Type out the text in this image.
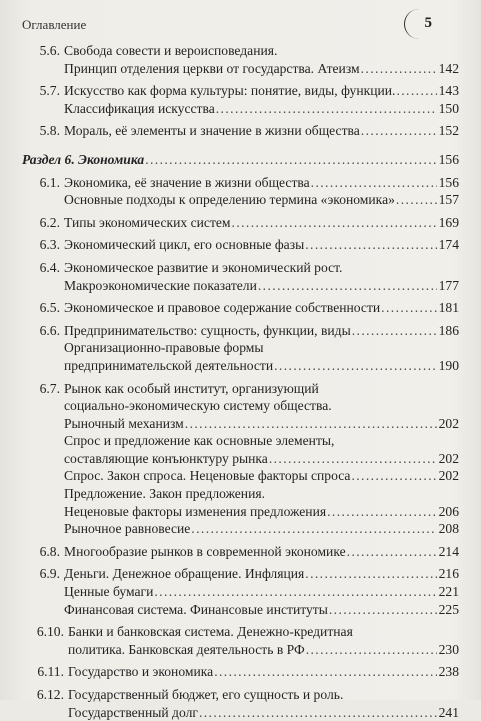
Оглавление	5
5.6. Свобода совести и вероисповедания.
Принцип отделения церкви от государства. Атеизм . . .	142
5.7. Искусство как форма культуры: понятие, виды, функции. . . .	143
Классификация искусства . . .	150
5.8. Мораль, её элементы и значение в жизни общества . . .	152
Раздел 6. Экономика . . .	156
6.1. Экономика, её значение в жизни общества . . .	156
Основные подходы к определению термина «экономика» . . .	157
6.2. Типы экономических систем . . .	169
6.3. Экономический цикл, его основные фазы . . .	174
6.4. Экономическое развитие и экономический рост.
Макроэкономические показатели . . .	177
6.5. Экономическое и правовое содержание собственности . . .	181
6.6. Предпринимательство: сущность, функции, виды . . .	186
Организационно-правовые формы
предпринимательской деятельности . . .	190
6.7. Рынок как особый институт, организующий
социально-экономическую систему общества.
Рыночный механизм . . .	202
Спрос и предложение как основные элементы,
составляющие конъюнктуру рынка . . .	202
Спрос. Закон спроса. Неценовые факторы спроса . . .	202
Предложение. Закон предложения.
Неценовые факторы изменения предложения . . .	206
Рыночное равновесие . . .	208
6.8. Многообразие рынков в современной экономике . . .	214
6.9. Деньги. Денежное обращение. Инфляция . . .	216
Ценные бумаги . . .	221
Финансовая система. Финансовые институты . . .	225
6.10. Банки и банковская система. Денежно-кредитная
политика. Банковская деятельность в РФ . . .	230
6.11. Государство и экономика . . .	238
6.12. Государственный бюджет, его сущность и роль.
Государственный долг . . .	241
